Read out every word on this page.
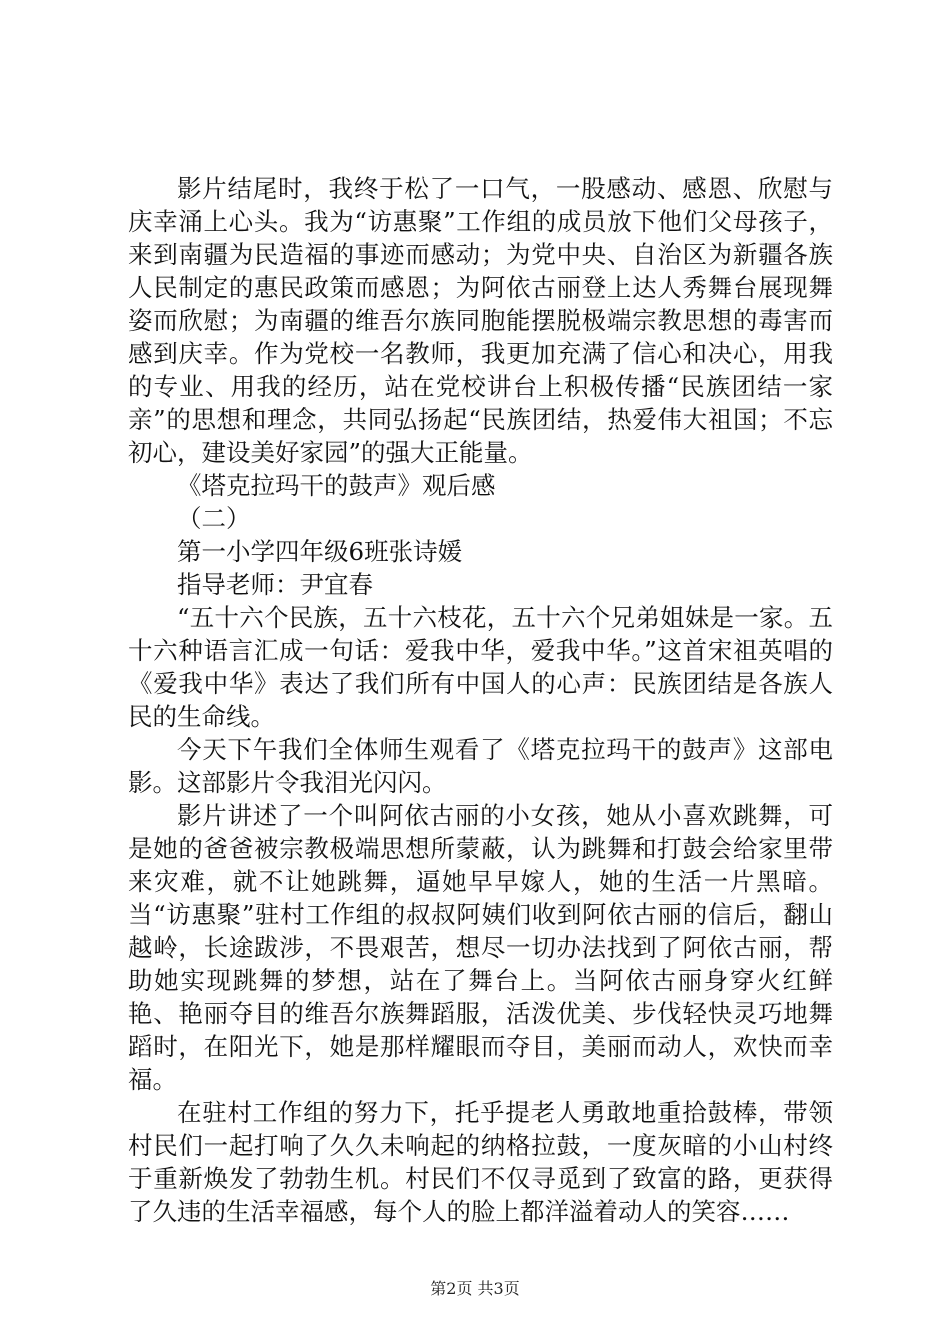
影片结尾时，我终于松了一口气，一股感动、感恩、欣慰与庆幸涌上心头。我为“访惠聚”工作组的成员放下他们父母孩子，来到南疆为民造福的事迹而感动；为党中央、自治区为新疆各族人民制定的惠民政策而感恩；为阿依古丽登上达人秀舞台展现舞姿而欣慰；为南疆的维吾尔族同胞能摆脱极端宗教思想的毒害而感到庆幸。作为党校一名教师，我更加充满了信心和决心，用我的专业、用我的经历，站在党校讲台上积极传播“民族团结一家亲”的思想和理念，共同弘扬起“民族团结，热爱伟大祖国；不忘初心，建设美好家园”的强大正能量。

《塔克拉玛干的鼓声》观后感

（二）

第一小学四年级6班张诗媛

指导老师：尹宜春

“五十六个民族，五十六枝花，五十六个兄弟姐妹是一家。五十六种语言汇成一句话：爱我中华，爱我中华。”这首宋祖英唱的《爱我中华》表达了我们所有中国人的心声：民族团结是各族人民的生命线。

今天下午我们全体师生观看了《塔克拉玛干的鼓声》这部电影。这部影片令我泪光闪闪。

影片讲述了一个叫阿依古丽的小女孩，她从小喜欢跳舞，可是她的爸爸被宗教极端思想所蒙蔽，认为跳舞和打鼓会给家里带来灾难，就不让她跳舞，逼她早早嫁人，她的生活一片黑暗。当“访惠聚”驻村工作组的叔叔阿姨们收到阿依古丽的信后，翻山越岭，长途跋涉，不畏艰苦，想尽一切办法找到了阿依古丽，帮助她实现跳舞的梦想，站在了舞台上。当阿依古丽身穿火红鲜艳、艳丽夺目的维吾尔族舞蹈服，活泼优美、步伐轻快灵巧地舞蹈时，在阳光下，她是那样耀眼而夺目，美丽而动人，欢快而幸福。

在驻村工作组的努力下，托乎提老人勇敢地重拾鼓棒，带领村民们一起打响了久久未响起的纳格拉鼓，一度灰暗的小山村终于重新焕发了勃勃生机。村民们不仅寻觅到了致富的路，更获得了久违的生活幸福感，每个人的脸上都洋溢着动人的笑容……

第2页 共3页
